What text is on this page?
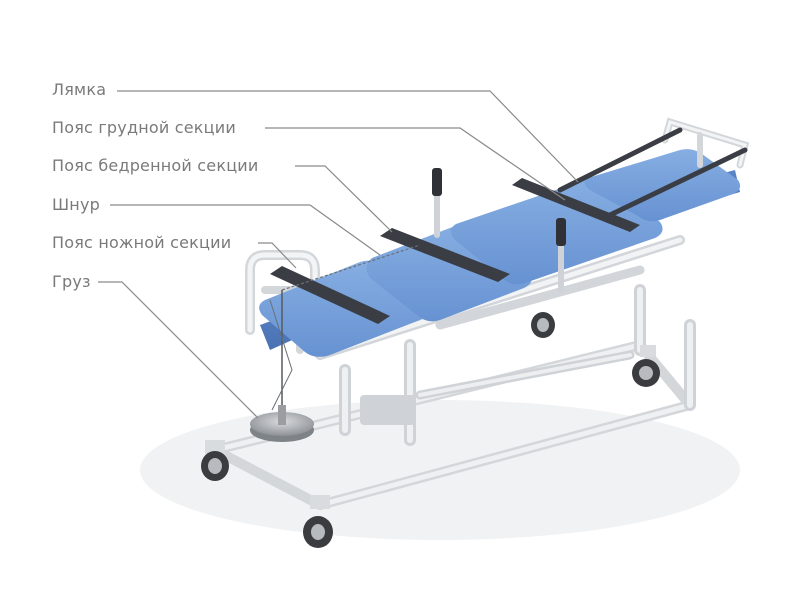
Лямка
Пояс грудной секции
Пояс бедренной секции
Шнур
Пояс ножной секции
Груз
